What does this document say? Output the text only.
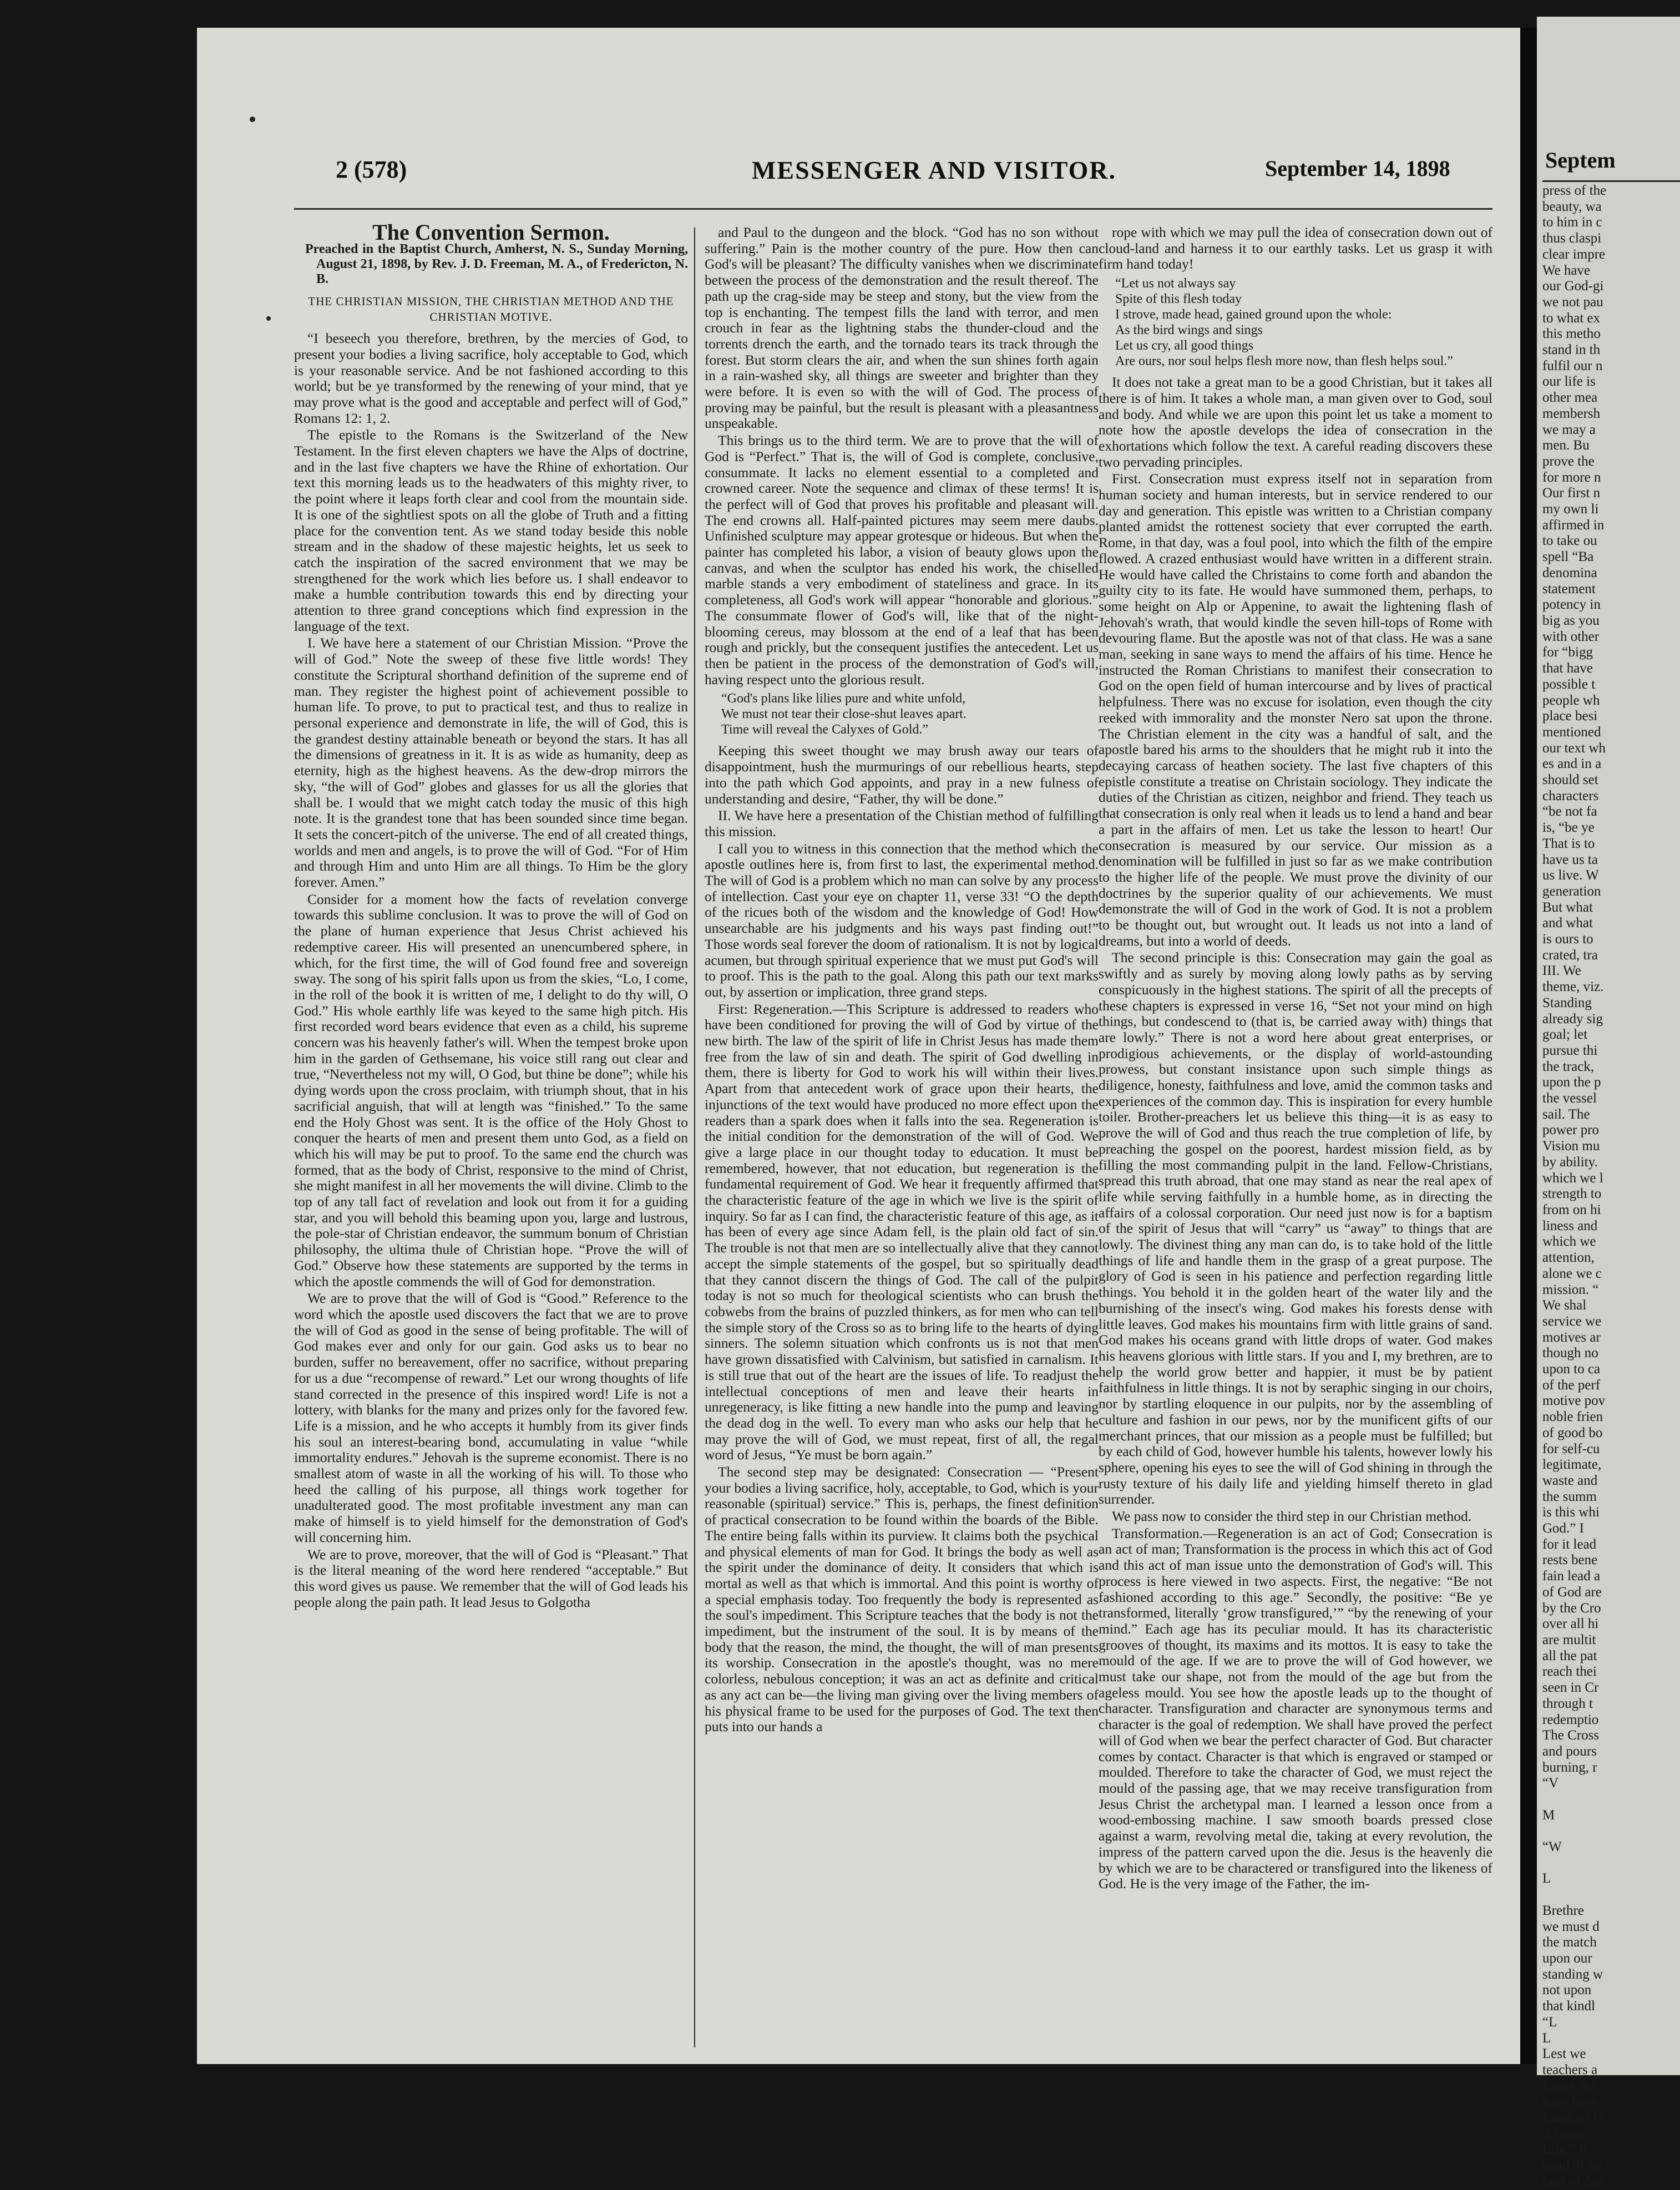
2 (578)	MESSENGER AND VISITOR.	September 14, 1898

The Convention Sermon.

Preached in the Baptist Church, Amherst, N. S., Sunday Morning, August 21, 1898, by Rev. J. D. Freeman, M. A., of Fredericton, N. B.

THE CHRISTIAN MISSION, THE CHRISTIAN METHOD AND THE CHRISTIAN MOTIVE.

“I beseech you therefore, brethren, by the mercies of God, to present your bodies a living sacrifice, holy acceptable to God, which is your reasonable service. And be not fashioned according to this world; but be ye transformed by the renewing of your mind, that ye may prove what is the good and acceptable and perfect will of God,” Romans 12: 1, 2.

The epistle to the Romans is the Switzerland of the New Testament. In the first eleven chapters we have the Alps of doctrine, and in the last five chapters we have the Rhine of exhortation. Our text this morning leads us to the headwaters of this mighty river, to the point where it leaps forth clear and cool from the mountain side. It is one of the sightliest spots on all the globe of Truth and a fitting place for the convention tent. As we stand today beside this noble stream and in the shadow of these majestic heights, let us seek to catch the inspiration of the sacred environment that we may be strengthened for the work which lies before us. I shall endeavor to make a humble contribution towards this end by directing your attention to three grand conceptions which find expression in the language of the text.

I. We have here a statement of our Christian Mission. “Prove the will of God.” Note the sweep of these five little words! They constitute the Scriptural shorthand definition of the supreme end of man. They register the highest point of achievement possible to human life. To prove, to put to practical test, and thus to realize in personal experience and demonstrate in life, the will of God, this is the grandest destiny attainable beneath or beyond the stars. It has all the dimensions of greatness in it. It is as wide as humanity, deep as eternity, high as the highest heavens. As the dew-drop mirrors the sky, “the will of God” globes and glasses for us all the glories that shall be. I would that we might catch today the music of this high note. It is the grandest tone that has been sounded since time began. It sets the concert-pitch of the universe. The end of all created things, worlds and men and angels, is to prove the will of God. “For of Him and through Him and unto Him are all things. To Him be the glory forever. Amen.”

Consider for a moment how the facts of revelation converge towards this sublime conclusion. It was to prove the will of God on the plane of human experience that Jesus Christ achieved his redemptive career. His will presented an unencumbered sphere, in which, for the first time, the will of God found free and sovereign sway. The song of his spirit falls upon us from the skies, “Lo, I come, in the roll of the book it is written of me, I delight to do thy will, O God.” His whole earthly life was keyed to the same high pitch. His first recorded word bears evidence that even as a child, his supreme concern was his heavenly father's will. When the tempest broke upon him in the garden of Gethsemane, his voice still rang out clear and true, “Nevertheless not my will, O God, but thine be done”; while his dying words upon the cross proclaim, with triumph shout, that in his sacrificial anguish, that will at length was “finished.” To the same end the Holy Ghost was sent. It is the office of the Holy Ghost to conquer the hearts of men and present them unto God, as a field on which his will may be put to proof. To the same end the church was formed, that as the body of Christ, responsive to the mind of Christ, she might manifest in all her movements the will divine. Climb to the top of any tall fact of revelation and look out from it for a guiding star, and you will behold this beaming upon you, large and lustrous, the pole-star of Christian endeavor, the summum bonum of Christian philosophy, the ultima thule of Christian hope. “Prove the will of God.” Observe how these statements are supported by the terms in which the apostle commends the will of God for demonstration.

We are to prove that the will of God is “Good.” Reference to the word which the apostle used discovers the fact that we are to prove the will of God as good in the sense of being profitable. The will of God makes ever and only for our gain. God asks us to bear no burden, suffer no bereavement, offer no sacrifice, without preparing for us a due “recompense of reward.” Let our wrong thoughts of life stand corrected in the presence of this inspired word! Life is not a lottery, with blanks for the many and prizes only for the favored few. Life is a mission, and he who accepts it humbly from its giver finds his soul an interest-bearing bond, accumulating in value “while immortality endures.” Jehovah is the supreme economist. There is no smallest atom of waste in all the working of his will. To those who heed the calling of his purpose, all things work together for unadulterated good. The most profitable investment any man can make of himself is to yield himself for the demonstration of God's will concerning him.

We are to prove, moreover, that the will of God is “Pleasant.” That is the literal meaning of the word here rendered “acceptable.” But this word gives us pause. We remember that the will of God leads his people along the pain path. It lead Jesus to Golgotha

and Paul to the dungeon and the block. “God has no son without suffering.” Pain is the mother country of the pure. How then can God's will be pleasant? The difficulty vanishes when we discriminate between the process of the demonstration and the result thereof. The path up the crag-side may be steep and stony, but the view from the top is enchanting. The tempest fills the land with terror, and men crouch in fear as the lightning stabs the thunder-cloud and the torrents drench the earth, and the tornado tears its track through the forest. But storm clears the air, and when the sun shines forth again in a rain-washed sky, all things are sweeter and brighter than they were before. It is even so with the will of God. The process of proving may be painful, but the result is pleasant with a pleasantness unspeakable.

This brings us to the third term. We are to prove that the will of God is “Perfect.” That is, the will of God is complete, conclusive, consummate. It lacks no element essential to a completed and crowned career. Note the sequence and climax of these terms! It is the perfect will of God that proves his profitable and pleasant will. The end crowns all. Half-painted pictures may seem mere daubs. Unfinished sculpture may appear grotesque or hideous. But when the painter has completed his labor, a vision of beauty glows upon the canvas, and when the sculptor has ended his work, the chiselled marble stands a very embodiment of stateliness and grace. In its completeness, all God's work will appear “honorable and glorious.” The consummate flower of God's will, like that of the night-blooming cereus, may blossom at the end of a leaf that has been rough and prickly, but the consequent justifies the antecedent. Let us then be patient in the process of the demonstration of God's will, having respect unto the glorious result.

“God's plans like lilies pure and white unfold,
We must not tear their close-shut leaves apart.
Time will reveal the Calyxes of Gold.”

Keeping this sweet thought we may brush away our tears of disappointment, hush the murmurings of our rebellious hearts, step into the path which God appoints, and pray in a new fulness of understanding and desire, “Father, thy will be done.”

II. We have here a presentation of the Chistian method of fulfilling this mission.

I call you to witness in this connection that the method which the apostle outlines here is, from first to last, the experimental method. The will of God is a problem which no man can solve by any process of intellection. Cast your eye on chapter 11, verse 33! “O the depth of the ricues both of the wisdom and the knowledge of God! How unsearchable are his judgments and his ways past finding out!” Those words seal forever the doom of rationalism. It is not by logical acumen, but through spiritual experience that we must put God's will to proof. This is the path to the goal. Along this path our text marks out, by assertion or implication, three grand steps.

First: Regeneration.—This Scripture is addressed to readers who have been conditioned for proving the will of God by virtue of the new birth. The law of the spirit of life in Christ Jesus has made them free from the law of sin and death. The spirit of God dwelling in them, there is liberty for God to work his will within their lives. Apart from that antecedent work of grace upon their hearts, the injunctions of the text would have produced no more effect upon the readers than a spark does when it falls into the sea. Regeneration is the initial condition for the demonstration of the will of God. We give a large place in our thought today to education. It must be remembered, however, that not education, but regeneration is the fundamental requirement of God. We hear it frequently affirmed that the characteristic feature of the age in which we live is the spirit of inquiry. So far as I can find, the characteristic feature of this age, as it has been of every age since Adam fell, is the plain old fact of sin. The trouble is not that men are so intellectually alive that they cannot accept the simple statements of the gospel, but so spiritually dead that they cannot discern the things of God. The call of the pulpit today is not so much for theological scientists who can brush the cobwebs from the brains of puzzled thinkers, as for men who can tell the simple story of the Cross so as to bring life to the hearts of dying sinners. The solemn situation which confronts us is not that men have grown dissatisfied with Calvinism, but satisfied in carnalism. It is still true that out of the heart are the issues of life. To readjust the intellectual conceptions of men and leave their hearts in unregeneracy, is like fitting a new handle into the pump and leaving the dead dog in the well. To every man who asks our help that he may prove the will of God, we must repeat, first of all, the regal word of Jesus, “Ye must be born again.”

The second step may be designated: Consecration — “Present your bodies a living sacrifice, holy, acceptable, to God, which is your reasonable (spiritual) service.” This is, perhaps, the finest definition of practical consecration to be found within the boards of the Bible. The entire being falls within its purview. It claims both the psychical and physical elements of man for God. It brings the body as well as the spirit under the dominance of deity. It considers that which is mortal as well as that which is immortal. And this point is worthy of a special emphasis today. Too frequently the body is represented as the soul's impediment. This Scripture teaches that the body is not the impediment, but the instrument of the soul. It is by means of the body that the reason, the mind, the thought, the will of man presents its worship. Consecration in the apostle's thought, was no mere colorless, nebulous conception; it was an act as definite and critical as any act can be—the living man giving over the living members of his physical frame to be used for the purposes of God. The text then puts into our hands a

rope with which we may pull the idea of consecration down out of cloud-land and harness it to our earthly tasks. Let us grasp it with firm hand today!

“Let us not always say
Spite of this flesh today
I strove, made head, gained ground upon the whole:
As the bird wings and sings
Let us cry, all good things
Are ours, nor soul helps flesh more now, than flesh helps soul.”

It does not take a great man to be a good Christian, but it takes all there is of him. It takes a whole man, a man given over to God, soul and body. And while we are upon this point let us take a moment to note how the apostle develops the idea of consecration in the exhortations which follow the text. A careful reading discovers these two pervading principles.

First. Consecration must express itself not in separation from human society and human interests, but in service rendered to our day and generation. This epistle was written to a Christian company planted amidst the rottenest society that ever corrupted the earth. Rome, in that day, was a foul pool, into which the filth of the empire flowed. A crazed enthusiast would have written in a different strain. He would have called the Christains to come forth and abandon the guilty city to its fate. He would have summoned them, perhaps, to some height on Alp or Appenine, to await the lightening flash of Jehovah's wrath, that would kindle the seven hill-tops of Rome with devouring flame. But the apostle was not of that class. He was a sane man, seeking in sane ways to mend the affairs of his time. Hence he instructed the Roman Christians to manifest their consecration to God on the open field of human intercourse and by lives of practical helpfulness. There was no excuse for isolation, even though the city reeked with immorality and the monster Nero sat upon the throne. The Christian element in the city was a handful of salt, and the apostle bared his arms to the shoulders that he might rub it into the decaying carcass of heathen society. The last five chapters of this epistle constitute a treatise on Christain sociology. They indicate the duties of the Christian as citizen, neighbor and friend. They teach us that consecration is only real when it leads us to lend a hand and bear a part in the affairs of men. Let us take the lesson to heart! Our consecration is measured by our service. Our mission as a denomination will be fulfilled in just so far as we make contribution to the higher life of the people. We must prove the divinity of our doctrines by the superior quality of our achievements. We must demonstrate the will of God in the work of God. It is not a problem to be thought out, but wrought out. It leads us not into a land of dreams, but into a world of deeds.

The second principle is this: Consecration may gain the goal as swiftly and as surely by moving along lowly paths as by serving conspicuously in the highest stations. The spirit of all the precepts of these chapters is expressed in verse 16, “Set not your mind on high things, but condescend to (that is, be carried away with) things that are lowly.” There is not a word here about great enterprises, or prodigious achievements, or the display of world-astounding prowess, but constant insistance upon such simple things as diligence, honesty, faithfulness and love, amid the common tasks and experiences of the common day. This is inspiration for every humble toiler. Brother-preachers let us believe this thing—it is as easy to prove the will of God and thus reach the true completion of life, by preaching the gospel on the poorest, hardest mission field, as by filling the most commanding pulpit in the land. Fellow-Christians, spread this truth abroad, that one may stand as near the real apex of life while serving faithfully in a humble home, as in directing the affairs of a colossal corporation. Our need just now is for a baptism of the spirit of Jesus that will “carry” us “away” to things that are lowly. The divinest thing any man can do, is to take hold of the little things of life and handle them in the grasp of a great purpose. The glory of God is seen in his patience and perfection regarding little things. You behold it in the golden heart of the water lily and the burnishing of the insect's wing. God makes his forests dense with little leaves. God makes his mountains firm with little grains of sand. God makes his oceans grand with little drops of water. God makes his heavens glorious with little stars. If you and I, my brethren, are to help the world grow better and happier, it must be by patient faithfulness in little things. It is not by seraphic singing in our choirs, nor by startling eloquence in our pulpits, nor by the assembling of culture and fashion in our pews, nor by the munificent gifts of our merchant princes, that our mission as a people must be fulfilled; but by each child of God, however humble his talents, however lowly his sphere, opening his eyes to see the will of God shining in through the rusty texture of his daily life and yielding himself thereto in glad surrender.

We pass now to consider the third step in our Christian method.

Transformation.—Regeneration is an act of God; Consecration is an act of man; Transformation is the process in which this act of God and this act of man issue unto the demonstration of God's will. This process is here viewed in two aspects. First, the negative: “Be not fashioned according to this age.” Secondly, the positive: “Be ye transformed, literally ‘grow transfigured,’” “by the renewing of your mind.” Each age has its peculiar mould. It has its characteristic grooves of thought, its maxims and its mottos. It is easy to take the mould of the age. If we are to prove the will of God however, we must take our shape, not from the mould of the age but from the ageless mould. You see how the apostle leads up to the thought of character. Transfiguration and character are synonymous terms and character is the goal of redemption. We shall have proved the perfect will of God when we bear the perfect character of God. But character comes by contact. Character is that which is engraved or stamped or moulded. Therefore to take the character of God, we must reject the mould of the passing age, that we may receive transfiguration from Jesus Christ the archetypal man. I learned a lesson once from a wood-embossing machine. I saw smooth boards pressed close against a warm, revolving metal die, taking at every revolution, the impress of the pattern carved upon the die. Jesus is the heavenly die by which we are to be charactered or transfigured into the likeness of God. He is the very image of the Father, the im-

Septem
press of the
beauty, wa
to him in c
thus claspi
clear impre
We have
our God-gi
we not pau
to what ex
this metho
stand in th
fulfil our n
our life is
other mea
membersh
we may a
men. Bu
prove the
for more n
Our first n
my own li
affirmed in
to take ou
spell “Ba
denomina
statement
potency in
big as you
with other
for “bigg
that have
possible t
people wh
place besi
mentioned
our text wh
es and in a
should set
characters
“be not fa
is, “be ye
That is to
have us ta
us live. W
generation
But what
and what
is ours to
crated, tra
III. We
theme, viz.
Standing
already sig
goal; let
pursue thi
the track,
upon the p
the vessel
sail. The
power pro
Vision mu
by ability.
which we l
strength to
from on hi
liness and
which we
attention,
alone we c
mission. “
We shal
service we
motives ar
though no
upon to ca
of the perf
motive pov
noble frien
of good bo
for self-cu
legitimate,
waste and
the summ
is this whi
God.” I
for it lead
rests bene
fain lead a
of God are
by the Cro
over all hi
are multit
all the pat
reach thei
seen in Cr
through t
redemptio
The Cross
and pours
burning, r
“V
M
“W
L
Brethre
we must d
the match
upon our
standing w
not upon
that kindl
“L
L
Lest we
teachers a
forget tha
have been
Lamb of G
A brave
Life.” It
band of Sa
host of Am
